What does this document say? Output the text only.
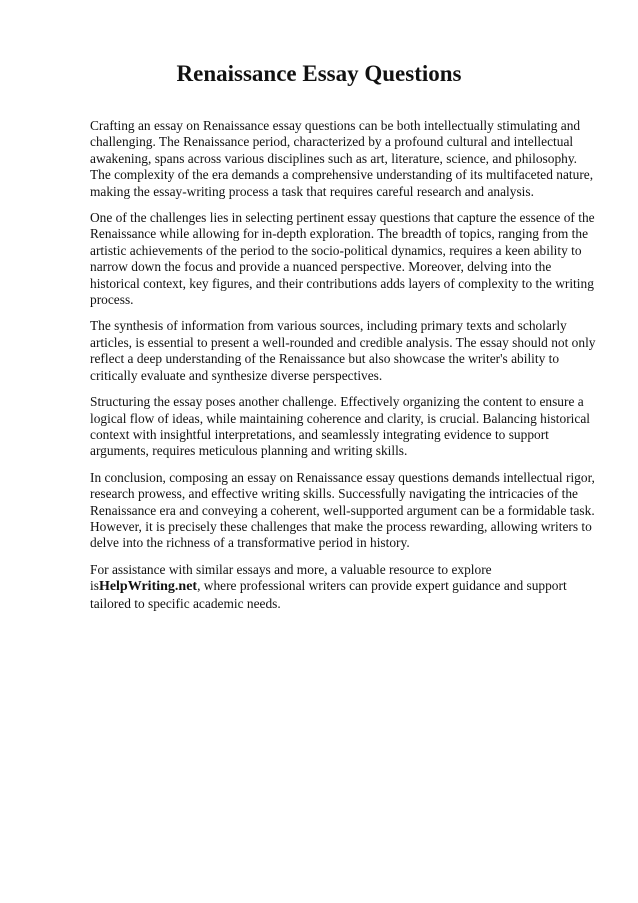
Renaissance Essay Questions

Crafting an essay on Renaissance essay questions can be both intellectually stimulating and challenging. The Renaissance period, characterized by a profound cultural and intellectual awakening, spans across various disciplines such as art, literature, science, and philosophy. The complexity of the era demands a comprehensive understanding of its multifaceted nature, making the essay-writing process a task that requires careful research and analysis.

One of the challenges lies in selecting pertinent essay questions that capture the essence of the Renaissance while allowing for in-depth exploration. The breadth of topics, ranging from the artistic achievements of the period to the socio-political dynamics, requires a keen ability to narrow down the focus and provide a nuanced perspective. Moreover, delving into the historical context, key figures, and their contributions adds layers of complexity to the writing process.

The synthesis of information from various sources, including primary texts and scholarly articles, is essential to present a well-rounded and credible analysis. The essay should not only reflect a deep understanding of the Renaissance but also showcase the writer's ability to critically evaluate and synthesize diverse perspectives.

Structuring the essay poses another challenge. Effectively organizing the content to ensure a logical flow of ideas, while maintaining coherence and clarity, is crucial. Balancing historical context with insightful interpretations, and seamlessly integrating evidence to support arguments, requires meticulous planning and writing skills.

In conclusion, composing an essay on Renaissance essay questions demands intellectual rigor, research prowess, and effective writing skills. Successfully navigating the intricacies of the Renaissance era and conveying a coherent, well-supported argument can be a formidable task. However, it is precisely these challenges that make the process rewarding, allowing writers to delve into the richness of a transformative period in history.

For assistance with similar essays and more, a valuable resource to explore isHelpWriting.net, where professional writers can provide expert guidance and support tailored to specific academic needs.
